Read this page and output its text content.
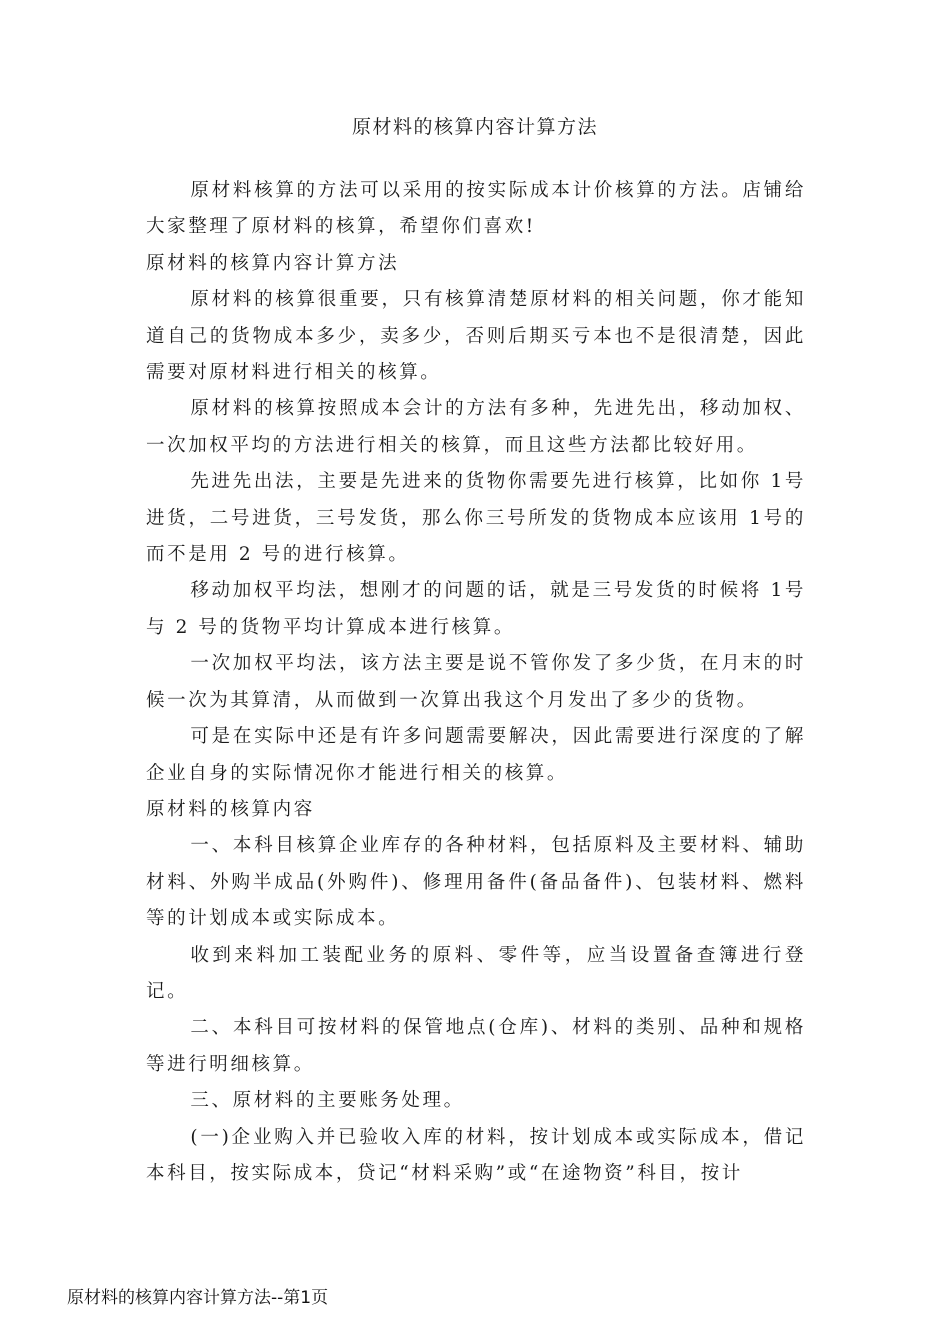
原材料的核算内容计算方法

原材料核算的方法可以采用的按实际成本计价核算的方法。店铺给大家整理了原材料的核算，希望你们喜欢!

原材料的核算内容计算方法

原材料的核算很重要，只有核算清楚原材料的相关问题，你才能知道自己的货物成本多少，卖多少，否则后期买亏本也不是很清楚，因此需要对原材料进行相关的核算。

原材料的核算按照成本会计的方法有多种，先进先出，移动加权、一次加权平均的方法进行相关的核算，而且这些方法都比较好用。

先进先出法，主要是先进来的货物你需要先进行核算，比如你 1号进货，二号进货，三号发货，那么你三号所发的货物成本应该用 1号的而不是用 2 号的进行核算。

移动加权平均法，想刚才的问题的话，就是三号发货的时候将 1号与 2 号的货物平均计算成本进行核算。

一次加权平均法，该方法主要是说不管你发了多少货，在月末的时候一次为其算清，从而做到一次算出我这个月发出了多少的货物。

可是在实际中还是有许多问题需要解决，因此需要进行深度的了解企业自身的实际情况你才能进行相关的核算。

原材料的核算内容

一、本科目核算企业库存的各种材料，包括原料及主要材料、辅助材料、外购半成品(外购件)、修理用备件(备品备件)、包装材料、燃料等的计划成本或实际成本。

收到来料加工装配业务的原料、零件等，应当设置备查簿进行登记。

二、本科目可按材料的保管地点(仓库)、材料的类别、品种和规格等进行明细核算。

三、原材料的主要账务处理。

(一)企业购入并已验收入库的材料，按计划成本或实际成本，借记本科目，按实际成本，贷记“材料采购”或“在途物资”科目，按计

原材料的核算内容计算方法--第1页
